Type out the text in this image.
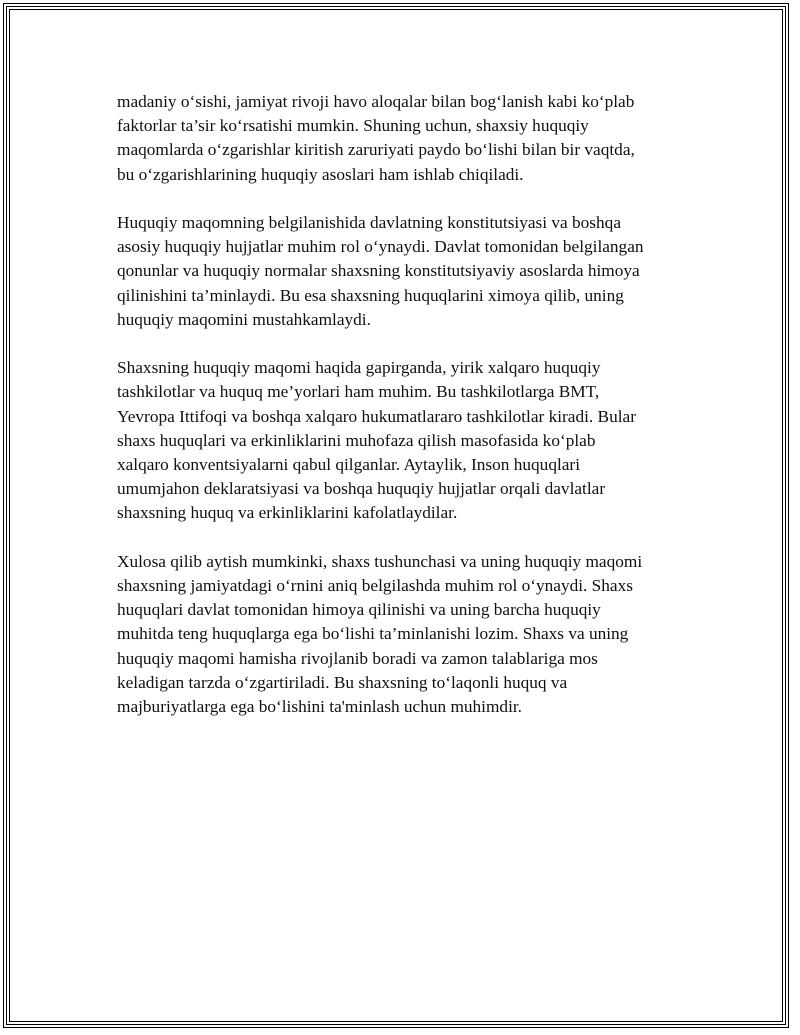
madaniy o‘sishi, jamiyat rivoji havo aloqalar bilan bog‘lanish kabi ko‘plab
faktorlar ta’sir ko‘rsatishi mumkin. Shuning uchun, shaxsiy huquqiy
maqomlarda o‘zgarishlar kiritish zaruriyati paydo bo‘lishi bilan bir vaqtda,
bu o‘zgarishlarining huquqiy asoslari ham ishlab chiqiladi.

Huquqiy maqomning belgilanishida davlatning konstitutsiyasi va boshqa
asosiy huquqiy hujjatlar muhim rol o‘ynaydi. Davlat tomonidan belgilangan
qonunlar va huquqiy normalar shaxsning konstitutsiyaviy asoslarda himoya
qilinishini ta’minlaydi. Bu esa shaxsning huquqlarini ximoya qilib, uning
huquqiy maqomini mustahkamlaydi.

Shaxsning huquqiy maqomi haqida gapirganda, yirik xalqaro huquqiy
tashkilotlar va huquq me’yorlari ham muhim. Bu tashkilotlarga BMT,
Yevropa Ittifoqi va boshqa xalqaro hukumatlararo tashkilotlar kiradi. Bular
shaxs huquqlari va erkinliklarini muhofaza qilish masofasida ko‘plab
xalqaro konventsiyalarni qabul qilganlar. Aytaylik, Inson huquqlari
umumjahon deklaratsiyasi va boshqa huquqiy hujjatlar orqali davlatlar
shaxsning huquq va erkinliklarini kafolatlaydilar.

Xulosa qilib aytish mumkinki, shaxs tushunchasi va uning huquqiy maqomi
shaxsning jamiyatdagi o‘rnini aniq belgilashda muhim rol o‘ynaydi. Shaxs
huquqlari davlat tomonidan himoya qilinishi va uning barcha huquqiy
muhitda teng huquqlarga ega bo‘lishi ta’minlanishi lozim. Shaxs va uning
huquqiy maqomi hamisha rivojlanib boradi va zamon talablariga mos
keladigan tarzda o‘zgartiriladi. Bu shaxsning to‘laqonli huquq va
majburiyatlarga ega bo‘lishini ta'minlash uchun muhimdir.
